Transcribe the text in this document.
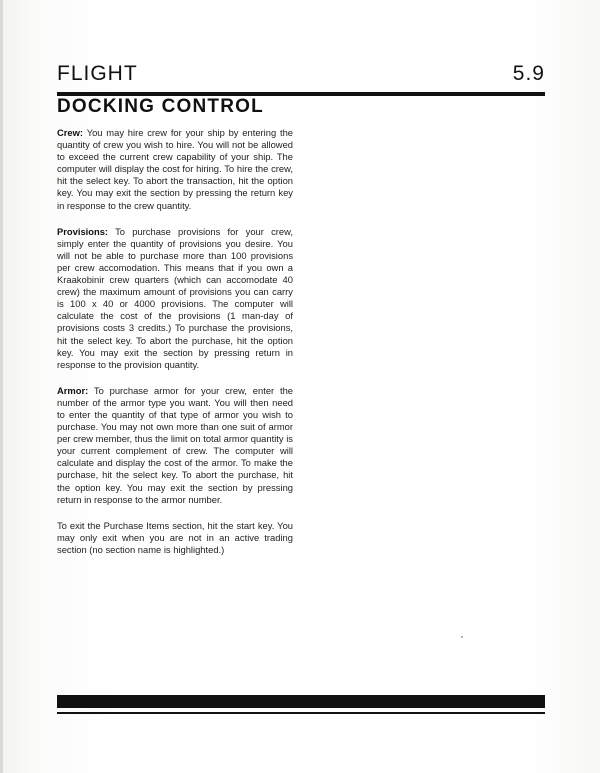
FLIGHT	5.9
DOCKING CONTROL

Crew: You may hire crew for your ship by entering the quantity of crew you wish to hire. You will not be allowed to exceed the current crew capability of your ship. The computer will display the cost for hiring. To hire the crew, hit the select key. To abort the transaction, hit the option key. You may exit the section by pressing the return key in response to the crew quantity.

Provisions: To purchase provisions for your crew, simply enter the quantity of provisions you desire. You will not be able to purchase more than 100 provisions per crew accomodation. This means that if you own a Kraakobinir crew quarters (which can accomodate 40 crew) the maximum amount of provisions you can carry is 100 x 40 or 4000 provisions. The computer will calculate the cost of the provisions (1 man-day of provisions costs 3 credits.) To purchase the provisions, hit the select key. To abort the purchase, hit the option key. You may exit the section by pressing return in response to the provision quantity.

Armor: To purchase armor for your crew, enter the number of the armor type you want. You will then need to enter the quantity of that type of armor you wish to purchase. You may not own more than one suit of armor per crew member, thus the limit on total armor quantity is your current complement of crew. The computer will calculate and display the cost of the armor. To make the purchase, hit the select key. To abort the purchase, hit the option key. You may exit the section by pressing return in response to the armor number.

To exit the Purchase Items section, hit the start key. You may only exit when you are not in an active trading section (no section name is highlighted.)
